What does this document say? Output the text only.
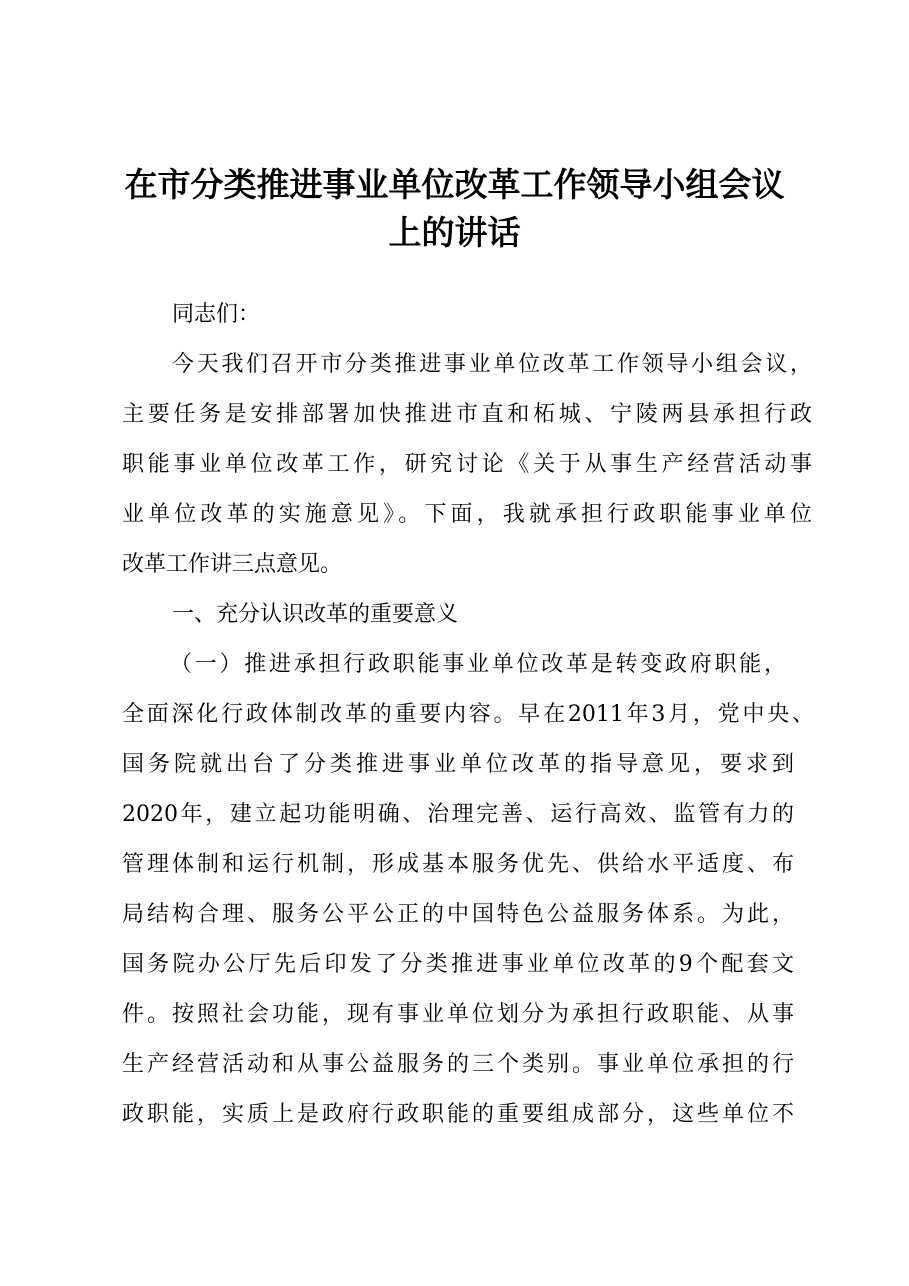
在市分类推进事业单位改革工作领导小组会议
上的讲话

同志们：

今天我们召开市分类推进事业单位改革工作领导小组会议，

主要任务是安排部署加快推进市直和柘城、宁陵两县承担行政

职能事业单位改革工作，研究讨论《关于从事生产经营活动事

业单位改革的实施意见》。下面，我就承担行政职能事业单位

改革工作讲三点意见。

一、充分认识改革的重要意义

（一）推进承担行政职能事业单位改革是转变政府职能，

全面深化行政体制改革的重要内容。早在2011年3月，党中央、

国务院就出台了分类推进事业单位改革的指导意见，要求到

2020年，建立起功能明确、治理完善、运行高效、监管有力的

管理体制和运行机制，形成基本服务优先、供给水平适度、布

局结构合理、服务公平公正的中国特色公益服务体系。为此，

国务院办公厅先后印发了分类推进事业单位改革的9个配套文

件。按照社会功能，现有事业单位划分为承担行政职能、从事

生产经营活动和从事公益服务的三个类别。事业单位承担的行

政职能，实质上是政府行政职能的重要组成部分，这些单位不
